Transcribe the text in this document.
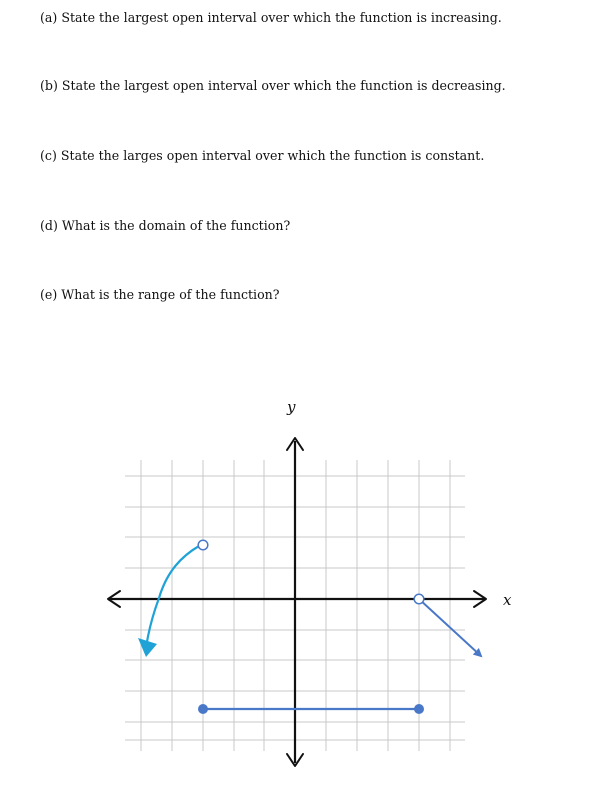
(a) State the largest open interval over which the function is increasing.
(b) State the largest open interval over which the function is decreasing.
(c) State the larges open interval over which the function is constant.
(d) What is the domain of the function?
(e) What is the range of the function?
y
x
